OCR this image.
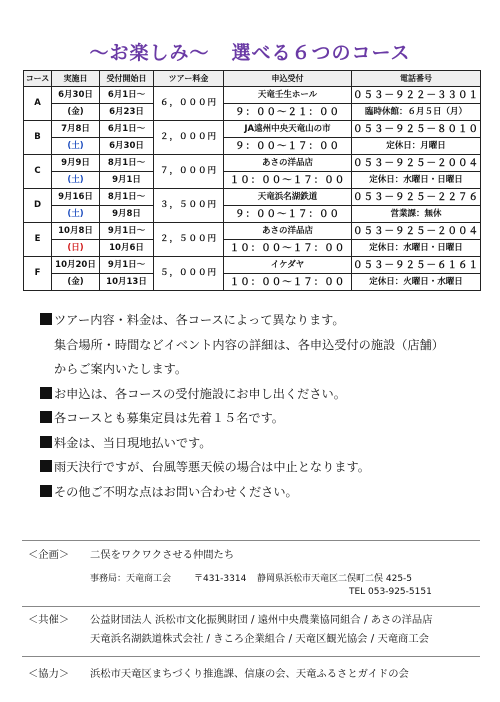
〜お楽しみ〜 選べる６つのコース
コース	実施日	受付開始日	ツアー料金	申込受付	電話番号
A	6月30日	6月1日〜	６，０００円	天竜壬生ホール	０５３－９２２－３３０１
	(金)	6月23日		９：００〜２１：００	臨時休館：６月５日（月）
B	7月8日	6月1日〜	２，０００円	JA遠州中央天竜山の市	０５３－９２５－８０１０
	(土)	6月30日		９：００〜１７：００	定休日：月曜日
C	9月9日	8月1日〜	７，０００円	あさの洋品店	０５３－９２５－２００４
	(土)	9月1日		１０：００〜１７：００	定休日：水曜日・日曜日
D	9月16日	8月1日〜	３，５００円	天竜浜名湖鉄道	０５３－９２５－２２７６
	(土)	9月8日		９：００〜１７：００	営業課：無休
E	10月8日	9月1日〜	２，５００円	あさの洋品店	０５３－９２５－２００４
	(日)	10月6日		１０：００〜１７：００	定休日：水曜日・日曜日
F	10月20日	9月1日〜	５，０００円	イケダヤ	０５３－９２５－６１６１
	(金)	10月13日		１０：００〜１７：００	定休日：火曜日・水曜日
ツアー内容・料金は、各コースによって異なります。
集合場所・時間などイベント内容の詳細は、各申込受付の施設（店舗）
からご案内いたします。
お申込は、各コースの受付施設にお申し出ください。
各コースとも募集定員は先着１５名です。
料金は、当日現地払いです。
雨天決行ですが、台風等悪天候の場合は中止となります。
その他ご不明な点はお問い合わせください。
＜企画＞ 二俣をワクワクさせる仲間たち
事務局：天竜商工会	〒431-3314 静岡県浜松市天竜区二俣町二俣 425-5
TEL 053-925-5151
＜共催＞ 公益財団法人 浜松市文化振興財団 / 遠州中央農業協同組合 / あさの洋品店
天竜浜名湖鉄道株式会社 / きころ企業組合 / 天竜区観光協会 / 天竜商工会
＜協力＞ 浜松市天竜区まちづくり推進課、信康の会、天竜ふるさとガイドの会
